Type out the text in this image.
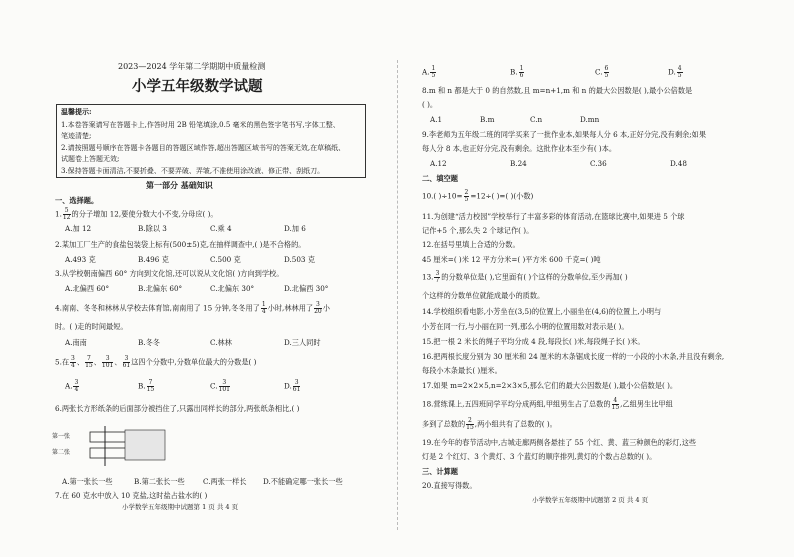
2023—2024 学年第二学期期中质量检测
小学五年级数学试题
温馨提示:
1.本卷答案请写在答题卡上,作答时用 2B 铅笔填涂,0.5 毫米的黑色签字笔书写,字体工整、
笔迹清楚;
2.请按照题号顺序在答题卡各题目的答题区域作答,超出答题区域书写的答案无效,在草稿纸、
试题卷上答题无效;
3.保持答题卡面清洁,不要折叠、不要弄破、弄皱,不准使用涂改液、修正带、刮纸刀。
第一部分 基础知识
一、选择题。
1. $\frac{5}{12}$ 的分子增加 12,要使分数大小不变,分母应( )。
A.加 12	B.除以 3	C.乘 4	D.加 6
2.某加工厂生产的食盐包装袋上标有(500±5)克,在抽样调查中,( )是不合格的。
A.493 克	B.496 克	C.500 克	D.503 克
3.从学校朝南偏西 60° 方向到文化馆,还可以说从文化馆( )方向到学校。
A.北偏西 60°	B.北偏东 60°	C.北偏东 30°	D.北偏西 30°
4.南南、冬冬和林林从学校去体育馆,南南用了 15 分钟,冬冬用了 $\frac{1}{4}$ 小时,林林用了 $\frac{3}{20}$ 小
时。( )走的时间最短。
A.南南	B.冬冬	C.林林	D.三人同时
5.在 $\frac{3}{4}$ 、 $\frac{7}{15}$ 、 $\frac{3}{101}$ 、 $\frac{3}{61}$ 这四个分数中,分数单位最大的分数是( )
A. $\frac{3}{4}$	B. $\frac{7}{15}$	C. $\frac{3}{101}$	D. $\frac{3}{61}$
6.两张长方形纸条的后面部分被挡住了,只露出同样长的部分,两张纸条相比,( )
第一张
第二张
A.第一张长一些	B.第二张长一些	C.两张一样长 D.不能确定哪一张长一些
7.在 60 克水中放入 10 克盐,这时盐占盐水的( )
小学数学五年级期中试题第 1 页 共 4 页
A. $\frac{1}{5}$	B. $\frac{1}{6}$	C. $\frac{6}{5}$	D. $\frac{4}{5}$
8.m 和 n 都是大于 0 的自然数,且 m=n+1,m 和 n 的最大公因数是( ),最小公倍数是
( )。
A.1	B.m	C.n	D.mn
9.李老师为五年级二班的同学买来了一批作业本,如果每人分 6 本,正好分完,没有剩余;如果
每人分 8 本,也正好分完,没有剩余。这批作业本至少有( )本。
A.12	B.24	C.36	D.48
二、填空题
10.( )$\div 10= \frac{2}{5} =12\div$( )=( )(小数)
11.为创建“活力校园”学校举行了丰富多彩的体育活动,在篮球比赛中,如果进 5 个球
记作+5 个,那么失 2 个球记作( )。
12.在括号里填上合适的分数。
45 厘米=( )米 12 平方分米=( )平方米 600 千克=( )吨
13. $\frac{3}{7}$ 的分数单位是( ),它里面有( )个这样的分数单位,至少再加( )
个这样的分数单位就能成最小的质数。
14.学校组织看电影,小芳坐在(3,5)的位置上,小丽坐在(4,6)的位置上,小明与
小芳在同一行,与小丽在同一列,那么小明的位置用数对表示是( )。
15.把一根 2 米长的绳子平均分成 4 段,每段长( )米,每段绳子长( )米。
16.把两根长度分别为 30 厘米和 24 厘米的木条锯成长度一样的一小段的小木条,并且没有剩余,
每段小木条最长( )厘米。
17.如果 m=2×2×5,n=2×3×5,那么它们的最大公因数是( ),最小公倍数是( )。
18.营练课上,五四班同学平均分成两组,甲组男生占了总数的 $\frac{4}{15}$ ,乙组男生比甲组
多到了总数的 $\frac{2}{15}$ ,两小组共有了总数的( )。
19.在今年的春节活动中,古城走廊两侧各悬挂了 55 个红、黄、蓝三种颜色的彩灯,这些
灯是 2 个红灯、3 个黄灯、3 个蓝灯的顺序排列,黄灯的个数占总数的( )。
三、计算题
20.直接写得数。
小学数学五年级期中试题第 2 页 共 4 页
